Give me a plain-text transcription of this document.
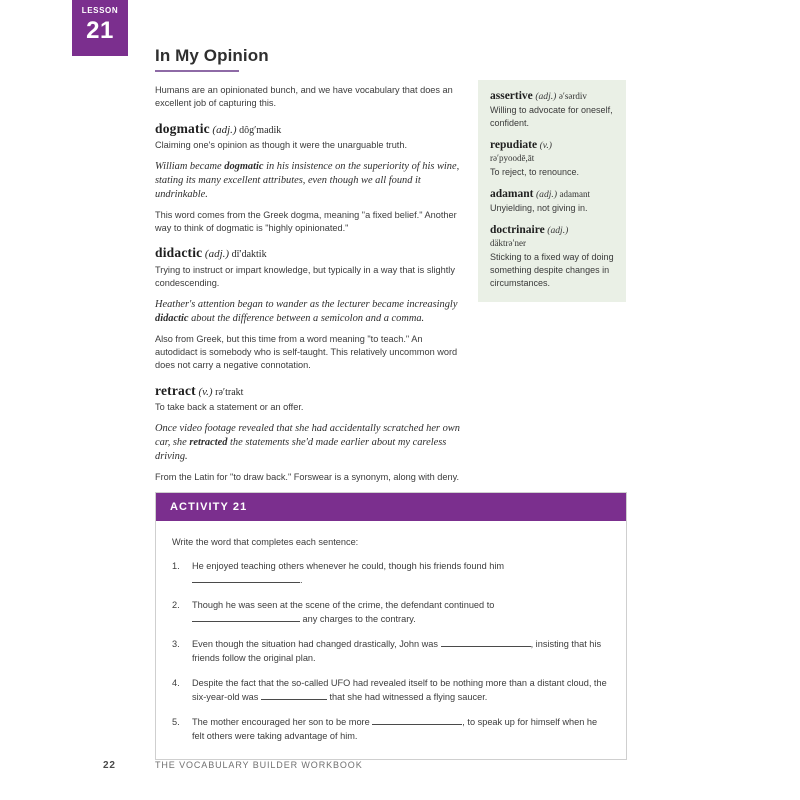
LESSON
21
In My Opinion

Humans are an opinionated bunch, and we have vocabulary that does an excellent job of capturing this.

dogmatic (adj.) dôg′madik
Claiming one's opinion as though it were the unarguable truth.
William became dogmatic in his insistence on the superiority of his wine, stating its many excellent attributes, even though we all found it undrinkable.
This word comes from the Greek dogma, meaning "a fixed belief." Another way to think of dogmatic is "highly opinionated."
didactic (adj.) dī′daktik
Trying to instruct or impart knowledge, but typically in a way that is slightly condescending.
Heather's attention began to wander as the lecturer became increasingly didactic about the difference between a semicolon and a comma.
Also from Greek, but this time from a word meaning "to teach." An autodidact is somebody who is self-taught. This relatively uncommon word does not carry a negative connotation.
retract (v.) rə′trakt
To take back a statement or an offer.
Once video footage revealed that she had accidentally scratched her own car, she retracted the statements she'd made earlier about my careless driving.
From the Latin for "to draw back." Forswear is a synonym, along with deny.
assertive (adj.) ə′sərdiv
Willing to advocate for oneself, confident.
repudiate (v.)
rə′pyoodē,āt
To reject, to renounce.
adamant (adj.) adamant
Unyielding, not giving in.
doctrinaire (adj.)
däktrə′ner
Sticking to a fixed way of doing something despite changes in circumstances.
ACTIVITY 21
Write the word that completes each sentence:
1.	He enjoyed teaching others whenever he could, though his friends found him
.
2.	Though he was seen at the scene of the crime, the defendant continued to
any charges to the contrary.
3.	Even though the situation had changed drastically, John was	, insisting that his friends follow the original plan.
4.	Despite the fact that the so-called UFO had revealed itself to be nothing more than a distant cloud, the six-year-old was	that she had witnessed a flying saucer.
5.	The mother encouraged her son to be more	, to speak up for himself when he felt others were taking advantage of him.
22	THE VOCABULARY BUILDER WORKBOOK
